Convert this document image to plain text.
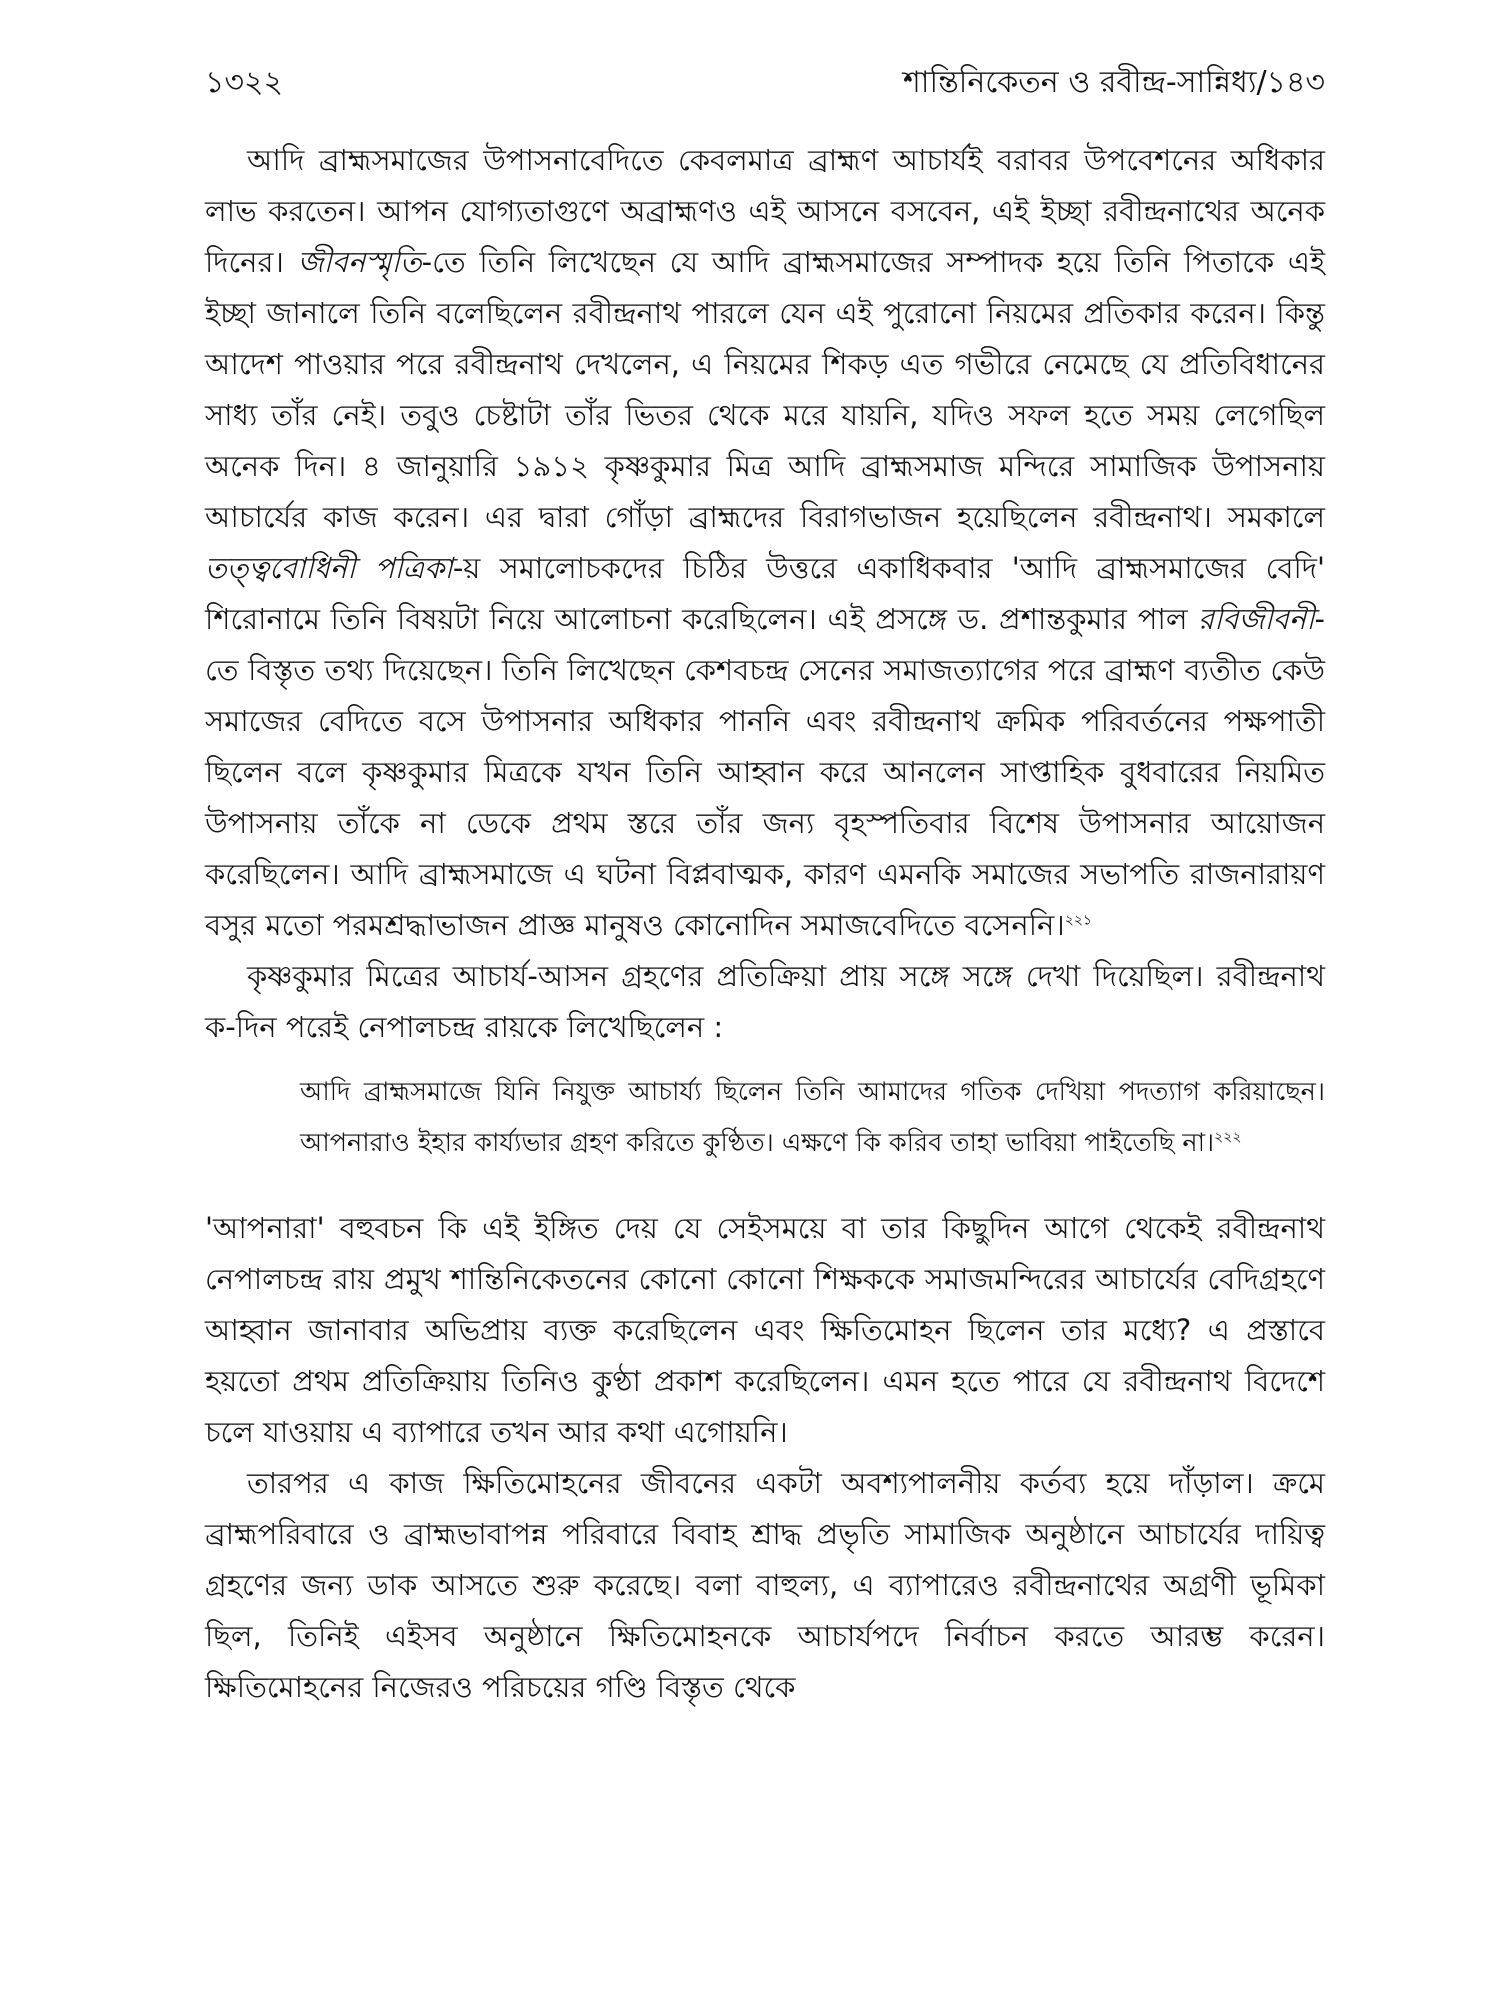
১৩২২	শান্তিনিকেতন ও রবীন্দ্র-সান্নিধ্য/১৪৩

আদি ব্রাহ্মসমাজের উপাসনাবেদিতে কেবলমাত্র ব্রাহ্মণ আচার্যই বরাবর উপবেশনের অধিকার লাভ করতেন। আপন যোগ্যতাগুণে অব্রাহ্মণও এই আসনে বসবেন, এই ইচ্ছা রবীন্দ্রনাথের অনেক দিনের। জীবনস্মৃতি-তে তিনি লিখেছেন যে আদি ব্রাহ্মসমাজের সম্পাদক হয়ে তিনি পিতাকে এই ইচ্ছা জানালে তিনি বলেছিলেন রবীন্দ্রনাথ পারলে যেন এই পুরোনো নিয়মের প্রতিকার করেন। কিন্তু আদেশ পাওয়ার পরে রবীন্দ্রনাথ দেখলেন, এ নিয়মের শিকড় এত গভীরে নেমেছে যে প্রতিবিধানের সাধ্য তাঁর নেই। তবুও চেষ্টাটা তাঁর ভিতর থেকে মরে যায়নি, যদিও সফল হতে সময় লেগেছিল অনেক দিন। ৪ জানুয়ারি ১৯১২ কৃষ্ণকুমার মিত্র আদি ব্রাহ্মসমাজ মন্দিরে সামাজিক উপাসনায় আচার্যের কাজ করেন। এর দ্বারা গোঁড়া ব্রাহ্মদের বিরাগভাজন হয়েছিলেন রবীন্দ্রনাথ। সমকালে তত্ত্ববোধিনী পত্রিকা-য় সমালোচকদের চিঠির উত্তরে একাধিকবার 'আদি ব্রাহ্মসমাজের বেদি' শিরোনামে তিনি বিষয়টা নিয়ে আলোচনা করেছিলেন। এই প্রসঙ্গে ড. প্রশান্তকুমার পাল রবিজীবনী-তে বিস্তৃত তথ্য দিয়েছেন। তিনি লিখেছেন কেশবচন্দ্র সেনের সমাজত্যাগের পরে ব্রাহ্মণ ব্যতীত কেউ সমাজের বেদিতে বসে উপাসনার অধিকার পাননি এবং রবীন্দ্রনাথ ক্রমিক পরিবর্তনের পক্ষপাতী ছিলেন বলে কৃষ্ণকুমার মিত্রকে যখন তিনি আহ্বান করে আনলেন সাপ্তাহিক বুধবারের নিয়মিত উপাসনায় তাঁকে না ডেকে প্রথম স্তরে তাঁর জন্য বৃহস্পতিবার বিশেষ উপাসনার আয়োজন করেছিলেন। আদি ব্রাহ্মসমাজে এ ঘটনা বিপ্লবাত্মক, কারণ এমনকি সমাজের সভাপতি রাজনারায়ণ বসুর মতো পরমশ্রদ্ধাভাজন প্রাজ্ঞ মানুষও কোনোদিন সমাজবেদিতে বসেননি।$^{২২১}$

কৃষ্ণকুমার মিত্রের আচার্য-আসন গ্রহণের প্রতিক্রিয়া প্রায় সঙ্গে সঙ্গে দেখা দিয়েছিল। রবীন্দ্রনাথ ক-দিন পরেই নেপালচন্দ্র রায়কে লিখেছিলেন :

আদি ব্রাহ্মসমাজে যিনি নিযুক্ত আচার্য্য ছিলেন তিনি আমাদের গতিক দেখিয়া পদত্যাগ করিয়াছেন। আপনারাও ইহার কার্য্যভার গ্রহণ করিতে কুণ্ঠিত। এক্ষণে কি করিব তাহা ভাবিয়া পাইতেছি না।$^{২২২}$

'আপনারা' বহুবচন কি এই ইঙ্গিত দেয় যে সেইসময়ে বা তার কিছুদিন আগে থেকেই রবীন্দ্রনাথ নেপালচন্দ্র রায় প্রমুখ শান্তিনিকেতনের কোনো কোনো শিক্ষককে সমাজমন্দিরের আচার্যের বেদিগ্রহণে আহ্বান জানাবার অভিপ্রায় ব্যক্ত করেছিলেন এবং ক্ষিতিমোহন ছিলেন তার মধ্যে? এ প্রস্তাবে হয়তো প্রথম প্রতিক্রিয়ায় তিনিও কুণ্ঠা প্রকাশ করেছিলেন। এমন হতে পারে যে রবীন্দ্রনাথ বিদেশে চলে যাওয়ায় এ ব্যাপারে তখন আর কথা এগোয়নি।

তারপর এ কাজ ক্ষিতিমোহনের জীবনের একটা অবশ্যপালনীয় কর্তব্য হয়ে দাঁড়াল। ক্রমে ব্রাহ্মপরিবারে ও ব্রাহ্মভাবাপন্ন পরিবারে বিবাহ শ্রাদ্ধ প্রভৃতি সামাজিক অনুষ্ঠানে আচার্যের দায়িত্ব গ্রহণের জন্য ডাক আসতে শুরু করেছে। বলা বাহুল্য, এ ব্যাপারেও রবীন্দ্রনাথের অগ্রণী ভূমিকা ছিল, তিনিই এইসব অনুষ্ঠানে ক্ষিতিমোহনকে আচার্যপদে নির্বাচন করতে আরম্ভ করেন। ক্ষিতিমোহনের নিজেরও পরিচয়ের গণ্ডি বিস্তৃত থেকে
